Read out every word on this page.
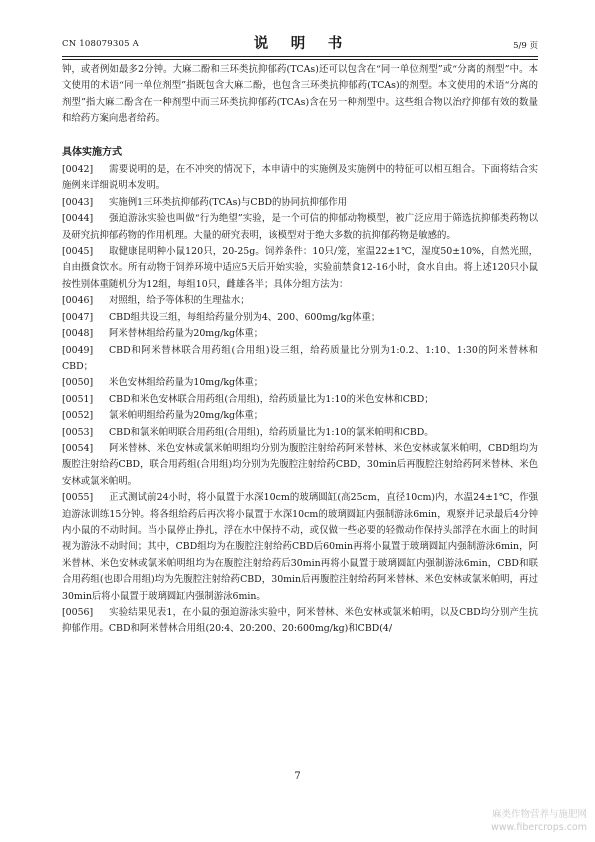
CN 108079305 A	说　明　书	5/9 页

钟，或者例如最多2分钟。大麻二酚和三环类抗抑郁药(TCAs)还可以包含在“同一单位剂型”或“分离的剂型”中。本文使用的术语“同一单位剂型”指既包含大麻二酚，也包含三环类抗抑郁药(TCAs)的剂型。本文使用的术语“分离的剂型”指大麻二酚含在一种剂型中而三环类抗抑郁药(TCAs)含在另一种剂型中。这些组合物以治疗抑郁有效的数量和给药方案向患者给药。

具体实施方式

[0042] 需要说明的是，在不冲突的情况下，本申请中的实施例及实施例中的特征可以相互组合。下面将结合实施例来详细说明本发明。

[0043] 实施例1三环类抗抑郁药(TCAs)与CBD的协同抗抑郁作用

[0044] 强迫游泳实验也叫做“行为绝望”实验，是一个可信的抑郁动物模型，被广泛应用于筛选抗抑郁类药物以及研究抗抑郁药物的作用机理。大量的研究表明，该模型对于绝大多数的抗抑郁药物是敏感的。

[0045] 取健康昆明种小鼠120只，20-25g。饲养条件：10只/笼，室温22±1℃，湿度50±10%，自然光照，自由摄食饮水。所有动物于饲养环境中适应5天后开始实验，实验前禁食12-16小时，食水自由。将上述120只小鼠按性别体重随机分为12组，每组10只，雌雄各半；具体分组方法为：

[0046] 对照组，给予等体积的生理盐水；

[0047] CBD组共设三组，每组给药量分别为4、200、600mg/kg体重；

[0048] 阿米替林组给药量为20mg/kg体重；

[0049] CBD和阿米替林联合用药组(合用组)设三组，给药质量比分别为1:0.2、1:10、1:30的阿米替林和CBD；

[0050] 米色安林组给药量为10mg/kg体重；

[0051] CBD和米色安林联合用药组(合用组)，给药质量比为1:10的米色安林和CBD；

[0052] 氯米帕明组给药量为20mg/kg体重；

[0053] CBD和氯米帕明联合用药组(合用组)，给药质量比为1:10的氯米帕明和CBD。

[0054] 阿米替林、米色安林或氯米帕明组均分别为腹腔注射给药阿米替林、米色安林或氯米帕明，CBD组均为腹腔注射给药CBD，联合用药组(合用组)均分别为先腹腔注射给药CBD，30min后再腹腔注射给药阿米替林、米色安林或氯米帕明。

[0055] 正式测试前24小时，将小鼠置于水深10cm的玻璃圆缸(高25cm，直径10cm)内，水温24±1℃，作强迫游泳训练15分钟。将各组给药后再次将小鼠置于水深10cm的玻璃圆缸内强制游泳6min，观察并记录最后4分钟内小鼠的不动时间。当小鼠停止挣扎，浮在水中保持不动，或仅做一些必要的轻微动作保持头部浮在水面上的时间视为游泳不动时间；其中，CBD组均为在腹腔注射给药CBD后60min再将小鼠置于玻璃圆缸内强制游泳6min，阿米替林、米色安林或氯米帕明组均为在腹腔注射给药后30min再将小鼠置于玻璃圆缸内强制游泳6min，CBD和联合用药组(也即合用组)均为先腹腔注射给药CBD，30min后再腹腔注射给药阿米替林、米色安林或氯米帕明，再过30min后将小鼠置于玻璃圆缸内强制游泳6min。

[0056] 实验结果见表1，在小鼠的强迫游泳实验中，阿米替林、米色安林或氯米帕明，以及CBD均分别产生抗抑郁作用。CBD和阿米替林合用组(20:4、20:200、20:600mg/kg)和CBD(4/

7
麻类作物营养与施肥网
www.fibercrops.com
